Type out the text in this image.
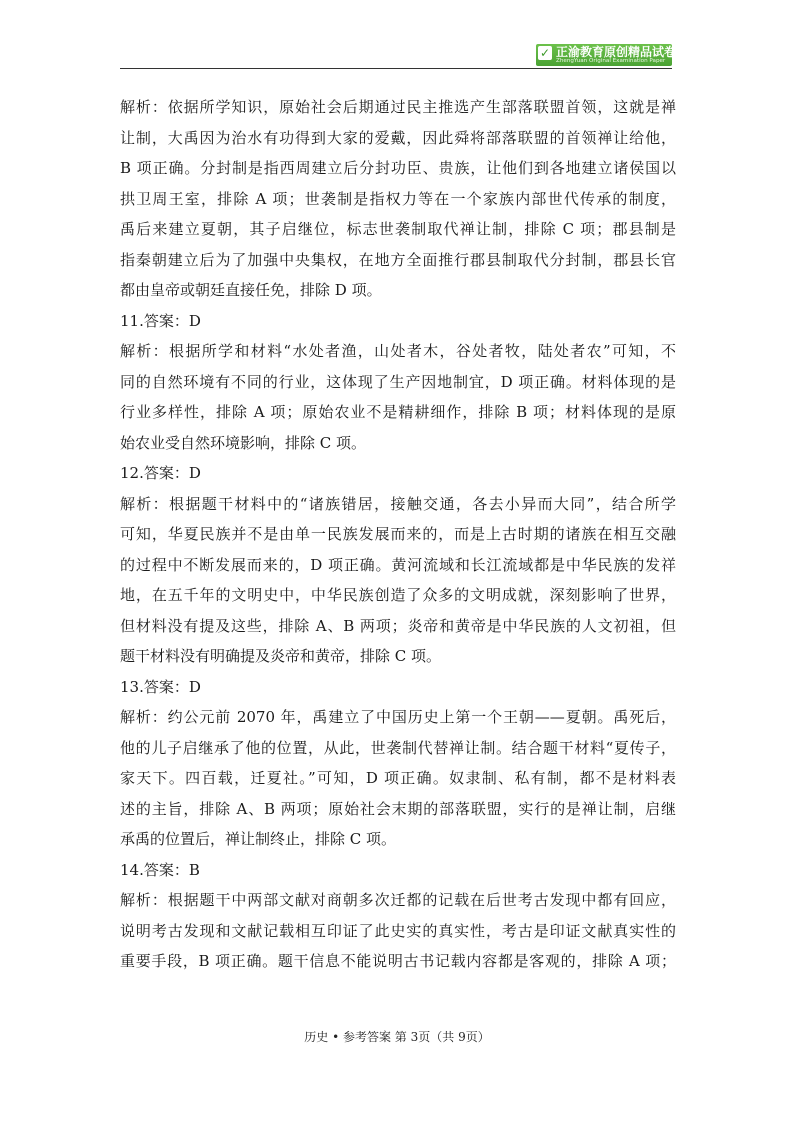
✓ 正渝教育原创精品试卷
ZhengYuan Original Examination Paper
解析：依据所学知识，原始社会后期通过民主推选产生部落联盟首领，这就是禅
让制，大禹因为治水有功得到大家的爱戴，因此舜将部落联盟的首领禅让给他，
B 项正确。分封制是指西周建立后分封功臣、贵族，让他们到各地建立诸侯国以
拱卫周王室，排除 A 项；世袭制是指权力等在一个家族内部世代传承的制度，
禹后来建立夏朝，其子启继位，标志世袭制取代禅让制，排除 C 项；郡县制是
指秦朝建立后为了加强中央集权，在地方全面推行郡县制取代分封制，郡县长官
都由皇帝或朝廷直接任免，排除 D 项。
11.答案：D
解析：根据所学和材料“水处者渔，山处者木，谷处者牧，陆处者农”可知，不
同的自然环境有不同的行业，这体现了生产因地制宜，D 项正确。材料体现的是
行业多样性，排除 A 项；原始农业不是精耕细作，排除 B 项；材料体现的是原
始农业受自然环境影响，排除 C 项。
12.答案：D
解析：根据题干材料中的“诸族错居，接触交通，各去小异而大同”，结合所学
可知，华夏民族并不是由单一民族发展而来的，而是上古时期的诸族在相互交融
的过程中不断发展而来的，D 项正确。黄河流域和长江流域都是中华民族的发祥
地，在五千年的文明史中，中华民族创造了众多的文明成就，深刻影响了世界，
但材料没有提及这些，排除 A、B 两项；炎帝和黄帝是中华民族的人文初祖，但
题干材料没有明确提及炎帝和黄帝，排除 C 项。
13.答案：D
解析：约公元前 2070 年，禹建立了中国历史上第一个王朝——夏朝。禹死后，
他的儿子启继承了他的位置，从此，世袭制代替禅让制。结合题干材料“夏传子，
家天下。四百载，迁夏社。”可知，D 项正确。奴隶制、私有制，都不是材料表
述的主旨，排除 A、B 两项；原始社会末期的部落联盟，实行的是禅让制，启继
承禹的位置后，禅让制终止，排除 C 项。
14.答案：B
解析：根据题干中两部文献对商朝多次迁都的记载在后世考古发现中都有回应，
说明考古发现和文献记载相互印证了此史实的真实性，考古是印证文献真实性的
重要手段，B 项正确。题干信息不能说明古书记载内容都是客观的，排除 A 项；
历史 • 参考答案 第 3页（共 9页）
